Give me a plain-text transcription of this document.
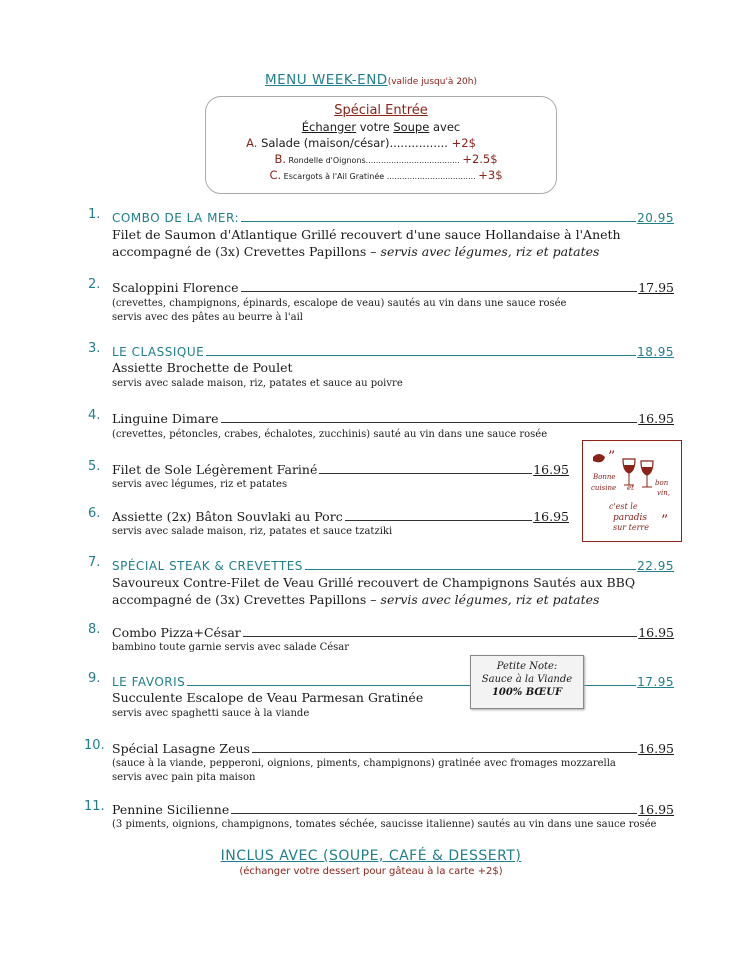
MENU WEEK-END(valide jusqu'à 20h)
Spécial Entrée
Échanger votre Soupe avec
A. Salade (maison/césar)................ +2$
B. Rondelle d'Oignons..................................... +2.5$
C. Escargots à l'Ail Gratinée ................................... +3$
1. COMBO DE LA MER:	20.95
Filet de Saumon d'Atlantique Grillé recouvert d'une sauce Hollandaise à l'Aneth
accompagné de (3x) Crevettes Papillons – servis avec légumes, riz et patates
2. Scaloppini Florence	17.95
(crevettes, champignons, épinards, escalope de veau) sautés au vin dans une sauce rosée
servis avec des pâtes au beurre à l'ail
3. LE CLASSIQUE	18.95
Assiette Brochette de Poulet
servis avec salade maison, riz, patates et sauce au poivre
4. Linguine Dimare	16.95
(crevettes, pétoncles, crabes, échalotes, zucchinis) sauté au vin dans une sauce rosée
5. Filet de Sole Légèrement Fariné	16.95
servis avec légumes, riz et patates
6. Assiette (2x) Bâton Souvlaki au Porc	16.95
servis avec salade maison, riz, patates et sauce tzatziki
”
Bonne
cuisine et
bon
vin,
c'est le
paradis
sur terre ”
7. SPÉCIAL STEAK & CREVETTES	22.95
Savoureux Contre-Filet de Veau Grillé recouvert de Champignons Sautés aux BBQ
accompagné de (3x) Crevettes Papillons – servis avec légumes, riz et patates
8. Combo Pizza+César	16.95
bambino toute garnie servis avec salade César
9. LE FAVORIS	17.95
Succulente Escalope de Veau Parmesan Gratinée
servis avec spaghetti sauce à la viande
Petite Note:
Sauce à la Viande
100% BŒUF
10. Spécial Lasagne Zeus	16.95
(sauce à la viande, pepperoni, oignions, piments, champignons) gratinée avec fromages mozzarella
servis avec pain pita maison
11. Pennine Sicilienne	16.95
(3 piments, oignions, champignons, tomates séchée, saucisse italienne) sautés au vin dans une sauce rosée
INCLUS AVEC (SOUPE, CAFÉ & DESSERT)
(échanger votre dessert pour gâteau à la carte +2$)
